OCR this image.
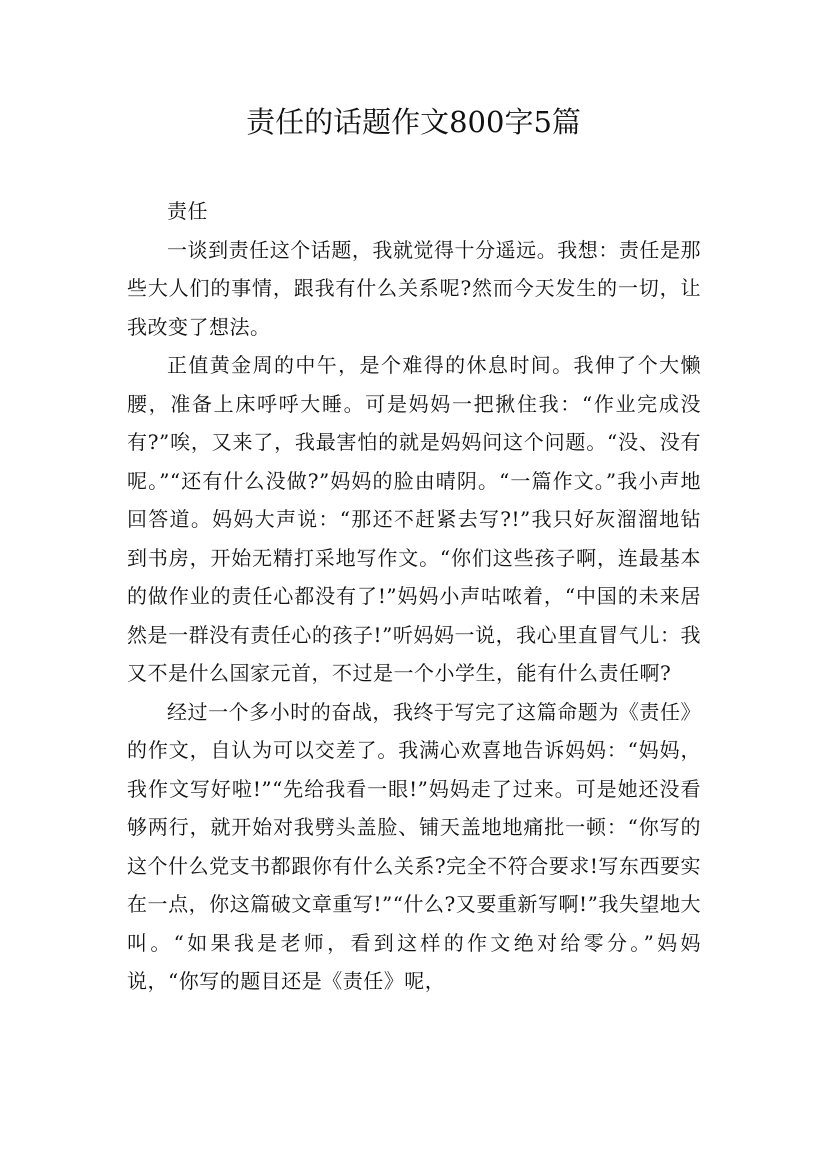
责任的话题作文800字5篇

责任

一谈到责任这个话题，我就觉得十分遥远。我想：责任是那些大人们的事情，跟我有什么关系呢?然而今天发生的一切，让我改变了想法。

正值黄金周的中午，是个难得的休息时间。我伸了个大懒腰，准备上床呼呼大睡。可是妈妈一把揪住我：“作业完成没有?”唉，又来了，我最害怕的就是妈妈问这个问题。“没、没有呢。”“还有什么没做?”妈妈的脸由晴阴。“一篇作文。”我小声地回答道。妈妈大声说：“那还不赶紧去写?!”我只好灰溜溜地钻到书房，开始无精打采地写作文。“你们这些孩子啊，连最基本的做作业的责任心都没有了!”妈妈小声咕哝着，“中国的未来居然是一群没有责任心的孩子!”听妈妈一说，我心里直冒气儿：我又不是什么国家元首，不过是一个小学生，能有什么责任啊?

经过一个多小时的奋战，我终于写完了这篇命题为《责任》的作文，自认为可以交差了。我满心欢喜地告诉妈妈：“妈妈，我作文写好啦!”“先给我看一眼!”妈妈走了过来。可是她还没看够两行，就开始对我劈头盖脸、铺天盖地地痛批一顿：“你写的这个什么党支书都跟你有什么关系?完全不符合要求!写东西要实在一点，你这篇破文章重写!”“什么?又要重新写啊!”我失望地大叫。“如果我是老师，看到这样的作文绝对给零分。”妈妈说，“你写的题目还是《责任》呢，
